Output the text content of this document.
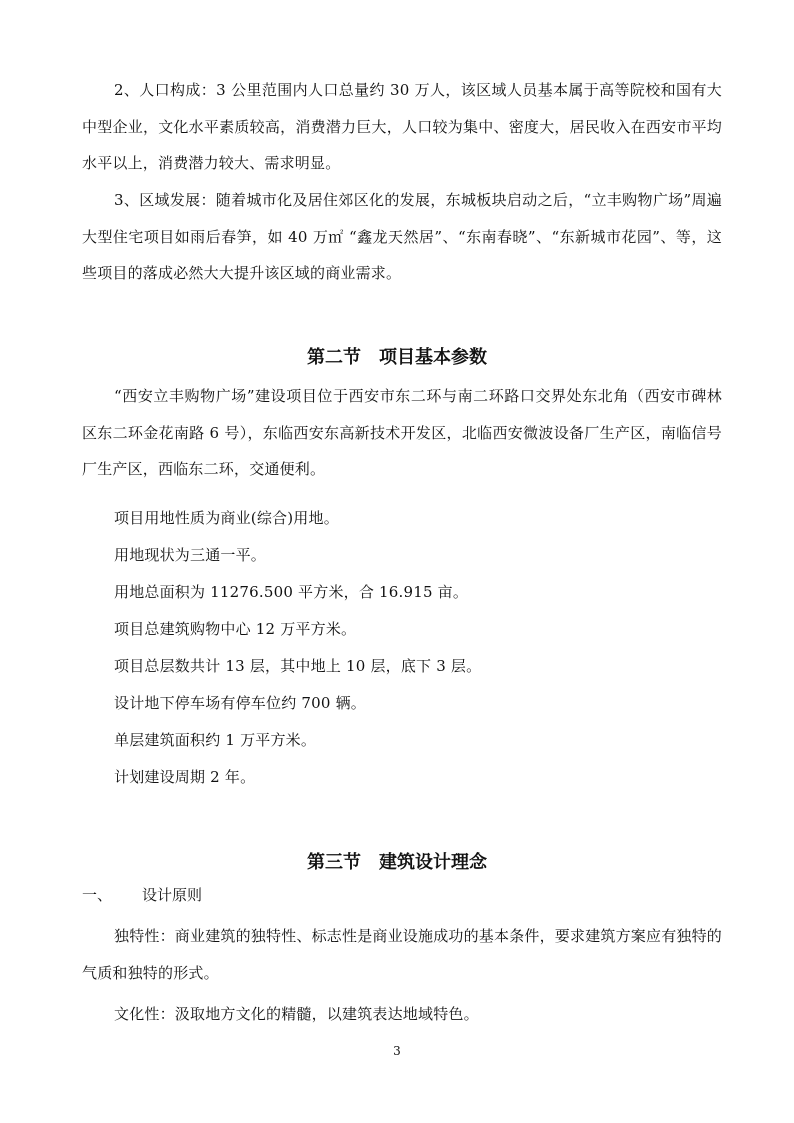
2、人口构成：3 公里范围内人口总量约 30 万人，该区域人员基本属于高等院校和国有大中型企业，文化水平素质较高，消费潜力巨大，人口较为集中、密度大，居民收入在西安市平均水平以上，消费潜力较大、需求明显。

3、区域发展：随着城市化及居住郊区化的发展，东城板块启动之后，“立丰购物广场”周遍大型住宅项目如雨后春笋，如 40 万㎡ “鑫龙天然居”、“东南春晓”、“东新城市花园”、等，这些项目的落成必然大大提升该区域的商业需求。

第二节　项目基本参数

“西安立丰购物广场”建设项目位于西安市东二环与南二环路口交界处东北角（西安市碑林区东二环金花南路 6 号），东临西安东高新技术开发区，北临西安微波设备厂生产区，南临信号厂生产区，西临东二环，交通便利。

项目用地性质为商业(综合)用地。

用地现状为三通一平。

用地总面积为 11276.500 平方米，合 16.915 亩。

项目总建筑购物中心 12 万平方米。

项目总层数共计 13 层，其中地上 10 层，底下 3 层。

设计地下停车场有停车位约 700 辆。

单层建筑面积约 1 万平方米。

计划建设周期 2 年。

第三节　建筑设计理念

一、 设计原则

独特性：商业建筑的独特性、标志性是商业设施成功的基本条件，要求建筑方案应有独特的气质和独特的形式。

文化性：汲取地方文化的精髓，以建筑表达地域特色。

3
